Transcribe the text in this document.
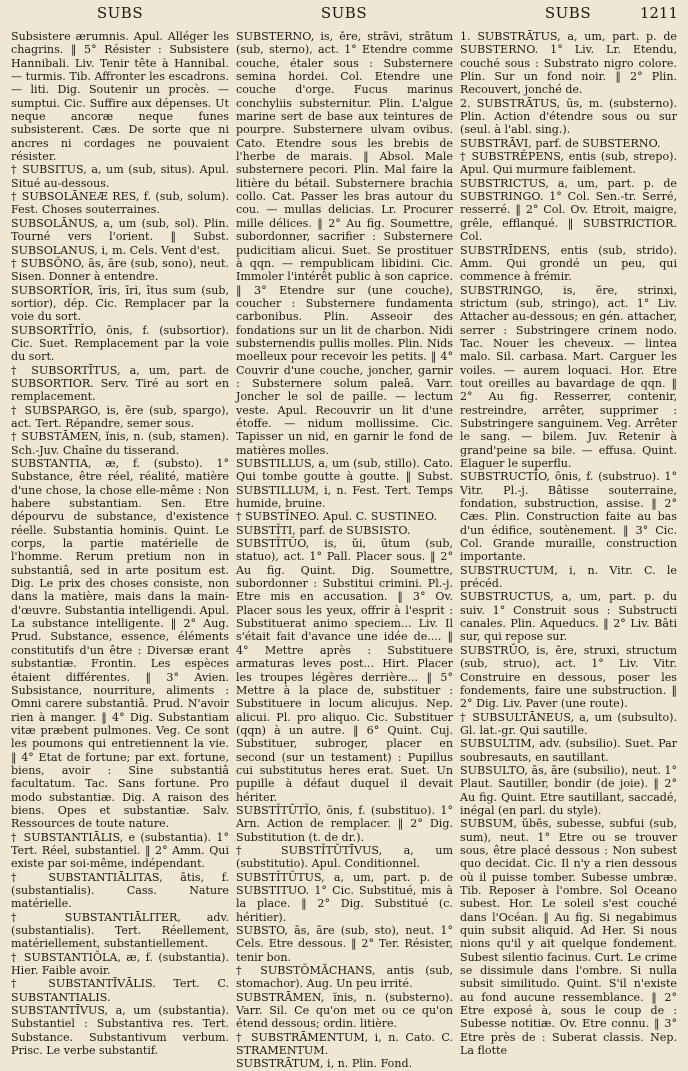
SUBS	SUBS	SUBS	1211

Subsistere ærumnis. Apul. Alléger les chagrins. ‖ 5° Résister : Subsistere Hannibali. Liv. Tenir tête à Hannibal. — turmis. Tib. Affronter les escadrons. — liti. Dig. Soutenir un procès. — sumptui. Cic. Suffire aux dépenses. Ut neque ancoræ neque funes subsisterent. Cæs. De sorte que ni ancres ni cordages ne pouvaient résister.

† SUBSITUS, a, um (sub, situs). Apul. Situé au-dessous.

† SUBSOLĀNEÆ RES, f. (sub, solum). Fest. Choses souterraines.

SUBSOLĀNUS, a, um (sub, sol). Plin. Tourné vers l'orient. ‖ Subst. SUBSOLANUS, i, m. Cels. Vent d'est.

† SUBSŎNO, ās, āre (sub, sono), neut. Sisen. Donner à entendre.

SUBSORTĬOR, īris, īri, ītus sum (sub, sortior), dép. Cic. Remplacer par la voie du sort.

SUBSORTĪTĬO, ōnis, f. (subsortior). Cic. Suet. Remplacement par la voie du sort.

† SUBSORTĪTUS, a, um, part. de SUBSORTIOR. Serv. Tiré au sort en remplacement.

† SUBSPARGO, is, ĕre (sub, spargo), act. Tert. Répandre, semer sous.

† SUBSTĀMEN, ĭnis, n. (sub, stamen). Sch.-Juv. Chaîne du tisserand.

SUBSTANTIA, æ, f. (substo). 1° Substance, être réel, réalité, matière d'une chose, la chose elle-même : Non habere substantiam. Sen. Etre dépourvu de substance, d'existence réelle. Substantia hominis. Quint. Le corps, la partie matérielle de l'homme. Rerum pretium non in substantiâ, sed in arte positum est. Dig. Le prix des choses consiste, non dans la matière, mais dans la main-d'œuvre. Substantia intelligendi. Apul. La substance intelligente. ‖ 2° Aug. Prud. Substance, essence, éléments constitutifs d'un être : Diversæ erant substantiæ. Frontin. Les espèces étaient différentes. ‖ 3° Avien. Subsistance, nourriture, aliments : Omni carere substantiâ. Prud. N'avoir rien à manger. ‖ 4° Dig. Substantiam vitæ præbent pulmones. Veg. Ce sont les poumons qui entretiennent la vie. ‖ 4° Etat de fortune; par ext. fortune, biens, avoir : Sine substantiâ facultatum. Tac. Sans fortune. Pro modo substantiæ. Dig. A raison des biens. Opes et substantiæ. Salv. Ressources de toute nature.

† SUBSTANTIĀLIS, e (substantia). 1° Tert. Réel, substantiel. ‖ 2° Amm. Qui existe par soi-même, indépendant.

† SUBSTANTIĀLITAS, ātis, f. (substantialis). Cass. Nature matérielle.

† SUBSTANTIĀLITER, adv. (substantialis). Tert. Réellement, matériellement, substantiellement.

† SUBSTANTIŎLA, æ, f. (substantia). Hier. Faible avoir.

† SUBSTANTĪVĀLIS. Tert. C. SUBSTANTIALIS.

SUBSTANTĪVUS, a, um (substantia). Substantiel : Substantiva res. Tert. Substance. Substantivum verbum. Prisc. Le verbe substantif.

SUBSTERNO, is, ĕre, strāvi, strātum (sub, sterno), act. 1° Etendre comme couche, étaler sous : Substernere semina hordei. Col. Etendre une couche d'orge. Fucus marinus conchyliis substernitur. Plin. L'algue marine sert de base aux teintures de pourpre. Substernere ulvam ovibus. Cato. Etendre sous les brebis de l'herbe de marais. ‖ Absol. Male substernere pecori. Plin. Mal faire la litière du bétail. Substernere brachia collo. Cat. Passer les bras autour du cou. — mullas delicias. Lr. Procurer mille délices. ‖ 2° Au fig. Soumettre, subordonner, sacrifier : Substernere pudicitiam alicui. Suet. Se prostituer à qqn. — rempublicam libidini. Cic. Immoler l'intérêt public à son caprice. ‖ 3° Etendre sur (une couche), coucher : Substernere fundamenta carbonibus. Plin. Asseoir des fondations sur un lit de charbon. Nidi substernendis pullis molles. Plin. Nids moelleux pour recevoir les petits. ‖ 4° Couvrir d'une couche, joncher, garnir : Substernere solum paleâ. Varr. Joncher le sol de paille. — lectum veste. Apul. Recouvrir un lit d'une étoffe. — nidum mollissime. Cic. Tapisser un nid, en garnir le fond de matières molles.

SUBSTILLUS, a, um (sub, stillo). Cato. Qui tombe goutte à goutte. ‖ Subst. SUBSTILLUM, i, n. Fest. Tert. Temps humide, bruine.

† SUBSTĬNEO. Apul. C. SUSTINEO.

SUBSTĬTI, parf. de SUBSISTO.

SUBSTĬTŬO, is, ŭi, ūtum (sub, statuo), act. 1° Pall. Placer sous. ‖ 2° Au fig. Quint. Dig. Soumettre, subordonner : Substitui crimini. Pl.-j. Etre mis en accusation. ‖ 3° Ov. Placer sous les yeux, offrir à l'esprit : Substituerat animo speciem... Liv. Il s'était fait d'avance une idée de.... ‖ 4° Mettre après : Substituere armaturas leves post... Hirt. Placer les troupes légères derrière... ‖ 5° Mettre à la place de, substituer : Substituere in locum alicujus. Nep. alicui. Pl. pro aliquo. Cic. Substituer (qqn) à un autre. ‖ 6° Quint. Cuj. Substituer, subroger, placer en second (sur un testament) : Pupillus cui substitutus heres erat. Suet. Un pupille à défaut duquel il devait hériter.

SUBSTĬTŪTĬO, ōnis, f. (substituo). 1° Arn. Action de remplacer. ‖ 2° Dig. Substitution (t. de dr.).

† SUBSTĬTŪTĪVUS, a, um (substitutio). Apul. Conditionnel.

SUBSTĬTŪTUS, a, um, part. p. de SUBSTITUO. 1° Cic. Substitué, mis à la place. ‖ 2° Dig. Substitué (c. héritier).

SUBSTO, ās, āre (sub, sto), neut. 1° Cels. Etre dessous. ‖ 2° Ter. Résister, tenir bon.

† SUBSTŎMĂCHANS, antis (sub, stomachor). Aug. Un peu irrité.

SUBSTRĀMEN, ĭnis, n. (substerno). Varr. Sil. Ce qu'on met ou ce qu'on étend dessous; ordin. litière.

† SUBSTRĀMENTUM, i, n. Cato. C. STRAMENTUM.

SUBSTRĀTUM, i, n. Plin. Fond.

1. SUBSTRĀTUS, a, um, part. p. de SUBSTERNO. 1° Liv. Lr. Etendu, couché sous : Substrato nigro colore. Plin. Sur un fond noir. ‖ 2° Plin. Recouvert, jonché de.

2. SUBSTRĀTUS, ūs, m. (substerno). Plin. Action d'étendre sous ou sur (seul. à l'abl. sing.).

SUBSTRĀVI, parf. de SUBSTERNO.

† SUBSTRĔPENS, entis (sub, strepo). Apul. Qui murmure faiblement.

SUBSTRICTUS, a, um, part. p. de SUBSTRINGO. 1° Col. Sen.-tr. Serré, resserré. ‖ 2° Col. Ov. Etroit, maigre, grêle, efflanqué. ‖ SUBSTRICTIOR. Col.

SUBSTRĪDENS, entis (sub, strido). Amm. Qui grondé un peu, qui commence à frémir.

SUBSTRINGO, is, ĕre, strinxi, strictum (sub, stringo), act. 1° Liv. Attacher au-dessous; en gén. attacher, serrer : Substringere crinem nodo. Tac. Nouer les cheveux. — lintea malo. Sil. carbasa. Mart. Carguer les voiles. — aurem loquaci. Hor. Etre tout oreilles au bavardage de qqn. ‖ 2° Au fig. Resserrer, contenir, restreindre, arrêter, supprimer : Substringere sanguinem. Veg. Arrêter le sang. — bilem. Juv. Retenir à grand'peine sa bile. — effusa. Quint. Elaguer le superflu.

SUBSTRUCTĬO, ōnis, f. (substruo). 1° Vitr. Pl.-j. Bâtisse souterraine, fondation, substruction, assise. ‖ 2° Cæs. Plin. Construction faite au bas d'un édifice, soutènement. ‖ 3° Cic. Col. Grande muraille, construction importante.

SUBSTRUCTUM, i, n. Vitr. C. le précéd.

SUBSTRUCTUS, a, um, part. p. du suiv. 1° Construit sous : Substructi canales. Plin. Aqueducs. ‖ 2° Liv. Bâti sur, qui repose sur.

SUBSTRŬO, is, ĕre, struxi, structum (sub, struo), act. 1° Liv. Vitr. Construire en dessous, poser les fondements, faire une substruction. ‖ 2° Dig. Liv. Paver (une route).

† SUBSULTĀNEUS, a, um (subsulto). Gl. lat.-gr. Qui sautille.

SUBSULTIM, adv. (subsilio). Suet. Par soubresauts, en sautillant.

SUBSULTO, ās, āre (subsilio), neut. 1° Plaut. Sautiller, bondir (de joie). ‖ 2° Au fig. Quint. Etre sautillant, saccadé, inégal (en parl. du style).

SUBSUM, ŭbĕs, subesse, subfui (sub, sum), neut. 1° Etre ou se trouver sous, être placé dessous : Non subest quo decidat. Cic. Il n'y a rien dessous où il puisse tomber. Subesse umbræ. Tib. Reposer à l'ombre. Sol Oceano subest. Hor. Le soleil s'est couché dans l'Océan. ‖ Au fig. Si negabimus quin subsit aliquid. Ad Her. Si nous nions qu'il y ait quelque fondement. Subest silentio facinus. Curt. Le crime se dissimule dans l'ombre. Si nulla subsit similitudo. Quint. S'il n'existe au fond aucune ressemblance. ‖ 2° Etre exposé à, sous le coup de : Subesse notitiæ. Ov. Etre connu. ‖ 3° Etre près de : Suberat classis. Nep. La flotte
